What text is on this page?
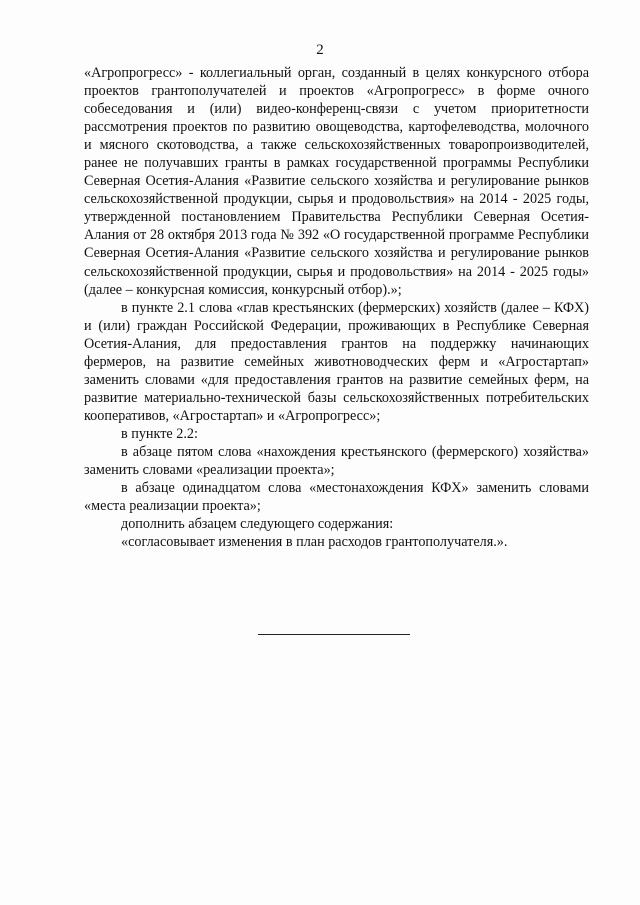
2

«Агропрогресс» - коллегиальный орган, созданный в целях конкурсного отбора проектов грантополучателей и проектов «Агропрогресс» в форме очного собеседования и (или) видео-конференц-связи с учетом приоритетности рассмотрения проектов по развитию овощеводства, картофелеводства, молочного и мясного скотоводства, а также сельскохозяйственных товаропроизводителей, ранее не получавших гранты в рамках государственной программы Республики Северная Осетия-Алания «Развитие сельского хозяйства и регулирование рынков сельскохозяйственной продукции, сырья и продовольствия» на 2014 - 2025 годы, утвержденной постановлением Правительства Республики Северная Осетия-Алания от 28 октября 2013 года № 392 «О государственной программе Республики Северная Осетия-Алания «Развитие сельского хозяйства и регулирование рынков сельскохозяйственной продукции, сырья и продовольствия» на 2014 - 2025 годы» (далее – конкурсная комиссия, конкурсный отбор).»;

в пункте 2.1 слова «глав крестьянских (фермерских) хозяйств (далее – КФХ) и (или) граждан Российской Федерации, проживающих в Республике Северная Осетия-Алания, для предоставления грантов на поддержку начинающих фермеров, на развитие семейных животноводческих ферм и «Агростартап» заменить словами «для предоставления грантов на развитие семейных ферм, на развитие материально-технической базы сельскохозяйственных потребительских кооперативов, «Агростартап» и «Агропрогресс»;

в пункте 2.2:

в абзаце пятом слова «нахождения крестьянского (фермерского) хозяйства» заменить словами «реализации проекта»;

в абзаце одинадцатом слова «местонахождения КФХ» заменить словами «места реализации проекта»;

дополнить абзацем следующего содержания:

«согласовывает изменения в план расходов грантополучателя.».
